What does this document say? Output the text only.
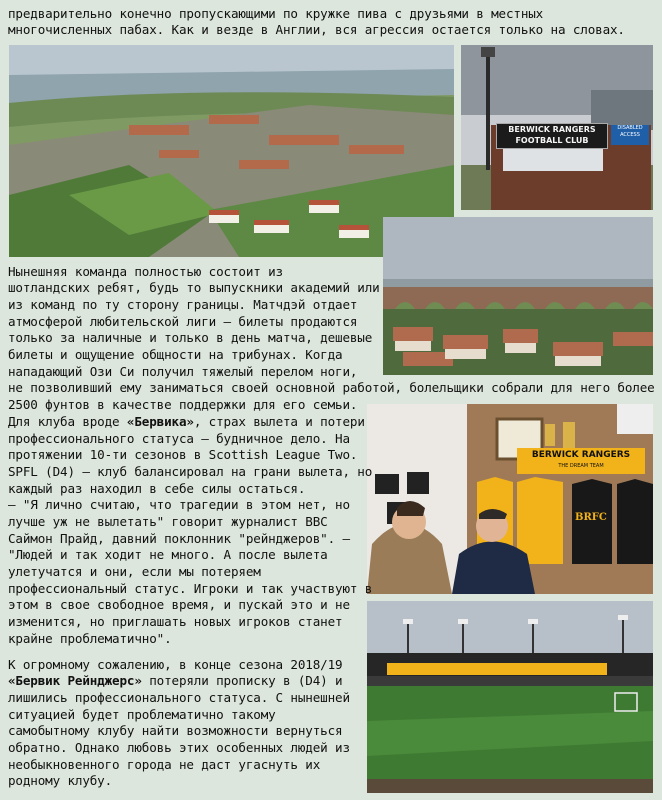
предварительно конечно пропускающими по кружке пива с друзьями в местных
многочисленных пабах. Как и везде в Англии, вся агрессия остается только на словах.
BERWICK RANGERS
FOOTBALL CLUB
DISABLED ACCESS
BERWICK RANGERS
THE DREAM TEAM
BRFC
Нынешняя команда полностью состоит из
шотландских ребят, будь то выпускники академий или
из команд по ту сторону границы. Матчдэй отдает
атмосферой любительской лиги – билеты продаются
только за наличные и только в день матча, дешевые
билеты и ощущение общности на трибунах. Когда
нападающий Ози Си получил тяжелый перелом ноги,
не позволивший ему заниматься своей основной работой, болельщики собрали для него более
2500 фунтов в качестве поддержки для его семьи.
Для клуба вроде «Бервика», страх вылета и потери
профессионального статуса – будничное дело. На
протяжении 10-ти сезонов в Scottish League Two.
SPFL (D4) – клуб балансировал на грани вылета, но
каждый раз находил в себе силы остаться.
– "Я лично считаю, что трагедии в этом нет, но
лучше уж не вылетать" говорит журналист BBC
Саймон Прайд, давний поклонник "рейнджеров". –
"Людей и так ходит не много. А после вылета
улетучатся и они, если мы потеряем
профессиональный статус. Игроки и так участвуют в
этом в свое свободное время, и пускай это и не
изменится, но приглашать новых игроков станет
крайне проблематично".
К огромному сожалению, в конце сезона 2018/19
«Бервик Рейнджерс» потеряли прописку в (D4) и
лишились профессионального статуса. С нынешней
ситуацией будет проблематично такому
самобытному клубу найти возможности вернуться
обратно. Однако любовь этих особенных людей из
необыкновенного города не даст угаснуть их
родному клубу.
